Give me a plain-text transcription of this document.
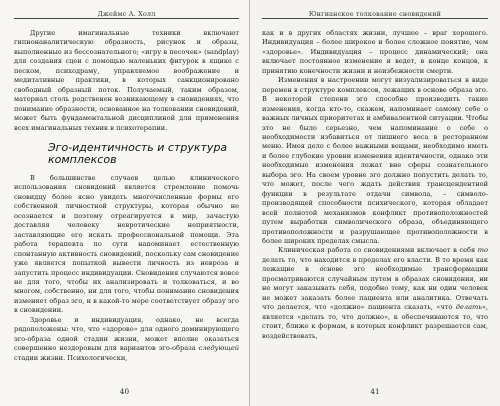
Джеймс А. Холл

Другие имагинальные техники включают гипнонаналитическую образность, рисунок и образы, выполненные из бессознательного; «игру в песочек» (sandplay) для создания сцен с помощью маленьких фигурок в ящике с песком, психодраму, управляемое воображение и медитативные практики, в которых санкционировано свободный образный поток. Получаемый, таким образом, материал столь родственен возникающему в сновидениях, что понимание образности, основанное на толковании сновидений, может быть фундаментальной дисциплиной для применения всех имагинальных техник в психотерапии.

Эго-идентичность и структура комплексов

В большинстве случаев целью клинического использования сновидений является стремление помочь сновидцу более ясно увидеть многочисленные формы его собственной личностной структуры, которая обычно не осознается и поэтому отреагируется в мир, зачастую доставляя человеку невротические неприятности, заставляющие его искать профессиональной помощи. Эта работа терапевта по сути напоминает естественную спонтанную активность сновидений, поскольку сам сновидение уже является попыткой вывести личность из невроза и запустить процесс индивидуации. Сновидения случаются вовсе не для того, чтобы их анализировать и толковаться, и во многом, собственно, ни для того, чтобы понимание сновидения изменяет образ эго, и в какой-то мере соответствует образу эго в сновидении.

Здоровье и индивидуация, однако, не всегда рядоположены: что, что «здорово» для одного доминирующего эго-образа одной стадии жизни, может вполне оказаться совершенно нездоровым для вариантов эго-образа следующей стадии жизни. Психологически,

40
Юнгианское толкование сновидений

как и в других областях жизни, лучшее – враг хорошего. Индивидуация – более широкое и более сложное понятие, чем «здоровье». Индивидуация – процесс динамический; она включает постоянное изменение и ведет, в конце концов, к принятию конечности жизни и неизбежности смерти.

Изменения в настроении могут визуализироваться в виде перемен в структуре комплексов, лежащих в основе образа эго. В некоторой степени эго способно производить такие изменения, когда кто-то, скажем, напоминает самому себе о важных личных приоритетах и амбивалентной ситуации. Чтобы это не было серьезно, чем напоминание о себе о необходимости избавиться от лишнего веса в ресторанном меню. Имея дело с более важными вещами, необходимо иметь и более глубокие уровни изменения идентичности, однако эти необходимые изменения лежат вне сферы сознательного выбора эго. На своем уровне эго должно попустить делать то, что может, после чего ждать действия трансцендентной функции в результате отдачи символа, – символо-производящей способности психического, которая обладает всей полнотой механизмов конфликт противоположностей путем выработки символического образа, объединяющего противоположности и разрушающее противоположности в более широких пределах смысла.

Клиническая работа со сновидениями включает в себя то делать то, что находится в пределах его власти. В то время как лежащие в основе эго необходимые трансформации просматриваются случайным путем в образах сновидения, ни не могут заказывать себя, подобно тому, как ни один человек не может заказать более пациента или аналитика. Отвечать что делается, что «должно» пациента сказать, «что делать», является «делать то, что должно», к обеспечиваются то, что стоит, ближе к формам, в которых конфликт разрешается сам, воздействовать,

41
